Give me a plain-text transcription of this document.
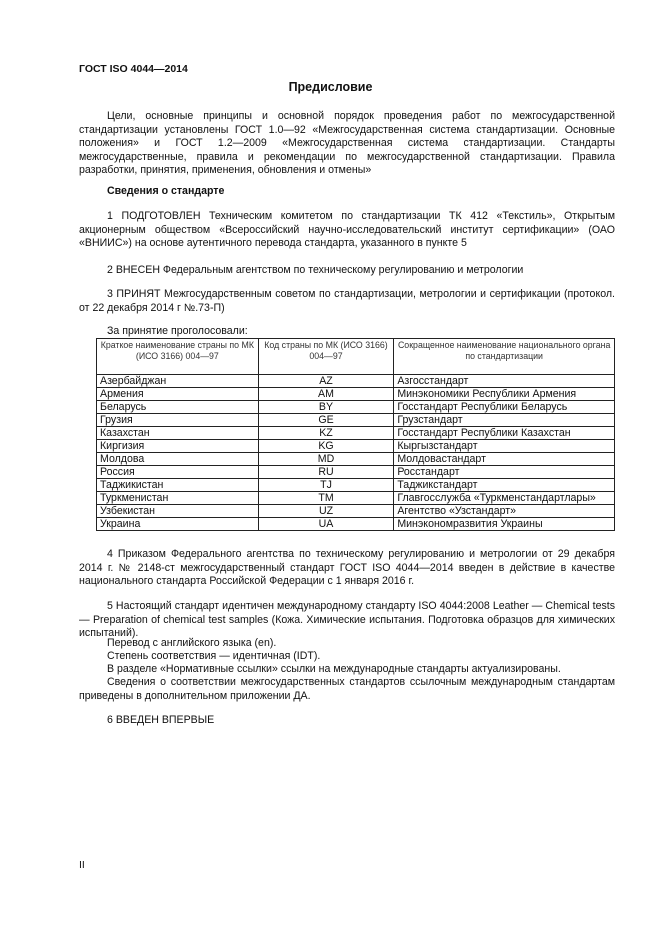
ГОСТ ISO 4044—2014
Предисловие
Цели, основные принципы и основной порядок проведения работ по межгосударственной стандартизации установлены ГОСТ 1.0—92 «Межгосударственная система стандартизации. Основные положения» и ГОСТ 1.2—2009 «Межгосударственная система стандартизации. Стандарты межгосударственные, правила и рекомендации по межгосударственной стандартизации. Правила разработки, принятия, применения, обновления и отмены»
Сведения о стандарте
1 ПОДГОТОВЛЕН Техническим комитетом по стандартизации ТК 412 «Текстиль», Открытым акционерным обществом «Всероссийский научно-исследовательский институт сертификации» (ОАО «ВНИИС») на основе аутентичного перевода стандарта, указанного в пункте 5
2 ВНЕСЕН Федеральным агентством по техническому регулированию и метрологии
3 ПРИНЯТ Межгосударственным советом по стандартизации, метрологии и сертификации (протокол. от 22 декабря 2014 г №.73-П)
За принятие проголосовали:
Краткое наименование страны по МК (ИСО 3166) 004—97	Код страны по МК (ИСО 3166) 004—97	Сокращенное наименование национального органа по стандартизации
Азербайджан	AZ	Азгосстандарт
Армения	AM	Минэкономики Республики Армения
Беларусь	BY	Госстандарт Республики Беларусь
Грузия	GE	Грузстандарт
Казахстан	KZ	Госстандарт Республики Казахстан
Киргизия	KG	Кыргызстандарт
Молдова	MD	Молдовастандарт
Россия	RU	Росстандарт
Таджикистан	TJ	Таджикстандарт
Туркменистан	TM	Главгосслужба «Туркменстандартлары»
Узбекистан	UZ	Агентство «Узстандарт»
Украина	UA	Минэкономразвития Украины
4 Приказом Федерального агентства по техническому регулированию и метрологии от 29 декабря 2014 г. № 2148-ст межгосударственный стандарт ГОСТ ISO 4044—2014 введен в действие в качестве национального стандарта Российской Федерации с 1 января 2016 г.
5 Настоящий стандарт идентичен международному стандарту ISO 4044:2008 Leather — Chemical tests — Preparation of chemical test samples (Кожа. Химические испытания. Подготовка образцов для химических испытаний).
Перевод с английского языка (en).
Степень соответствия — идентичная (IDT).
В разделе «Нормативные ссылки» ссылки на международные стандарты актуализированы.
Сведения о соответствии межгосударственных стандартов ссылочным международным стандартам приведены в дополнительном приложении ДА.
6 ВВЕДЕН ВПЕРВЫЕ
II
